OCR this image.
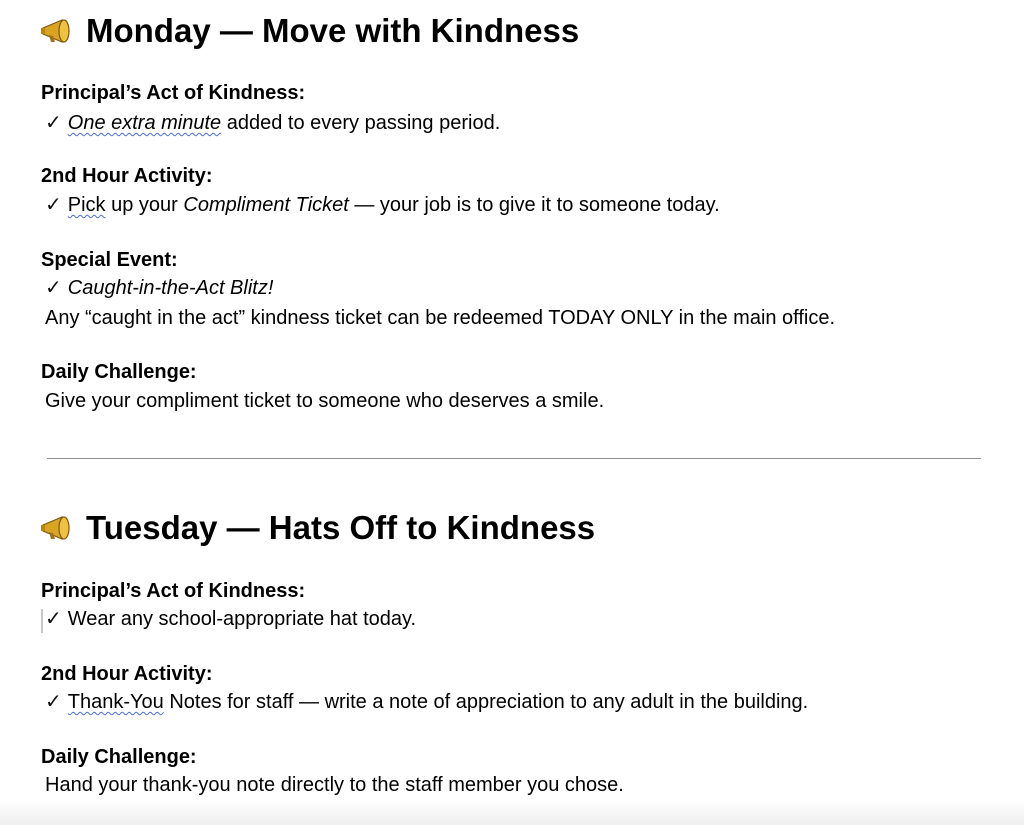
Monday — Move with Kindness
Principal’s Act of Kindness:
✓ One extra minute added to every passing period.
2nd Hour Activity:
✓ Pick up your Compliment Ticket — your job is to give it to someone today.
Special Event:
✓ Caught-in-the-Act Blitz!
Any “caught in the act” kindness ticket can be redeemed TODAY ONLY in the main office.
Daily Challenge:
Give your compliment ticket to someone who deserves a smile.
Tuesday — Hats Off to Kindness
Principal’s Act of Kindness:
✓ Wear any school-appropriate hat today.
2nd Hour Activity:
✓ Thank-You Notes for staff — write a note of appreciation to any adult in the building.
Daily Challenge:
Hand your thank-you note directly to the staff member you chose.
